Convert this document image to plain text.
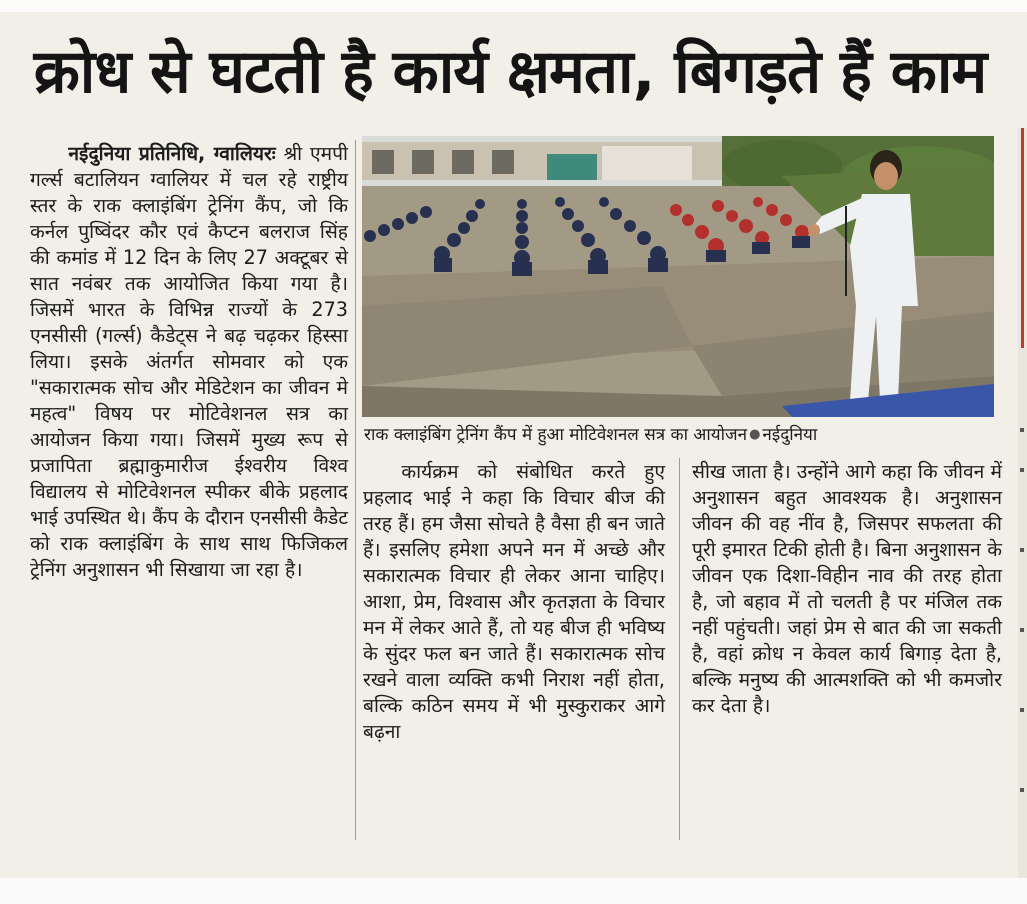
क्रोध से घटती है कार्य क्षमता, बिगड़ते हैं काम

नईदुनिया प्रतिनिधि, ग्वालियरः श्री एमपी गर्ल्स बटालियन ग्वालियर में चल रहे राष्ट्रीय स्तर के राक क्लाइंबिंग ट्रेनिंग कैंप, जो कि कर्नल पुष्विंदर कौर एवं कैप्टन बलराज सिंह की कमांड में 12 दिन के लिए 27 अक्टूबर से सात नवंबर तक आयोजित किया गया है। जिसमें भारत के विभिन्न राज्यों के 273 एनसीसी (गर्ल्स) कैडेट्स ने बढ़ चढ़कर हिस्सा लिया। इसके अंतर्गत सोमवार को एक "सकारात्मक सोच और मेडिटेशन का जीवन मे महत्व" विषय पर मोटिवेशनल सत्र का आयोजन किया गया। जिसमें मुख्य रूप से प्रजापिता ब्रह्माकुमारीज ईश्वरीय विश्व विद्यालय से मोटिवेशनल स्पीकर बीके प्रहलाद भाई उपस्थित थे। कैंप के दौरान एनसीसी कैडेट को राक क्लाइंबिंग के साथ साथ फिजिकल ट्रेनिंग अनुशासन भी सिखाया जा रहा है।

राक क्लाइंबिंग ट्रेनिंग कैंप में हुआ मोटिवेशनल सत्र का आयोजन ● नईदुनिया

कार्यक्रम को संबोधित करते हुए प्रहलाद भाई ने कहा कि विचार बीज की तरह हैं। हम जैसा सोचते है वैसा ही बन जाते हैं। इसलिए हमेशा अपने मन में अच्छे और सकारात्मक विचार ही लेकर आना चाहिए। आशा, प्रेम, विश्वास और कृतज्ञता के विचार मन में लेकर आते हैं, तो यह बीज ही भविष्य के सुंदर फल बन जाते हैं। सकारात्मक सोच रखने वाला व्यक्ति कभी निराश नहीं होता, बल्कि कठिन समय में भी मुस्कुराकर आगे बढ़ना

सीख जाता है। उन्होंने आगे कहा कि जीवन में अनुशासन बहुत आवश्यक है। अनुशासन जीवन की वह नींव है, जिसपर सफलता की पूरी इमारत टिकी होती है। बिना अनुशासन के जीवन एक दिशा-विहीन नाव की तरह होता है, जो बहाव में तो चलती है पर मंजिल तक नहीं पहुंचती। जहां प्रेम से बात की जा सकती है, वहां क्रोध न केवल कार्य बिगाड़ देता है, बल्कि मनुष्य की आत्मशक्ति को भी कमजोर कर देता है।
